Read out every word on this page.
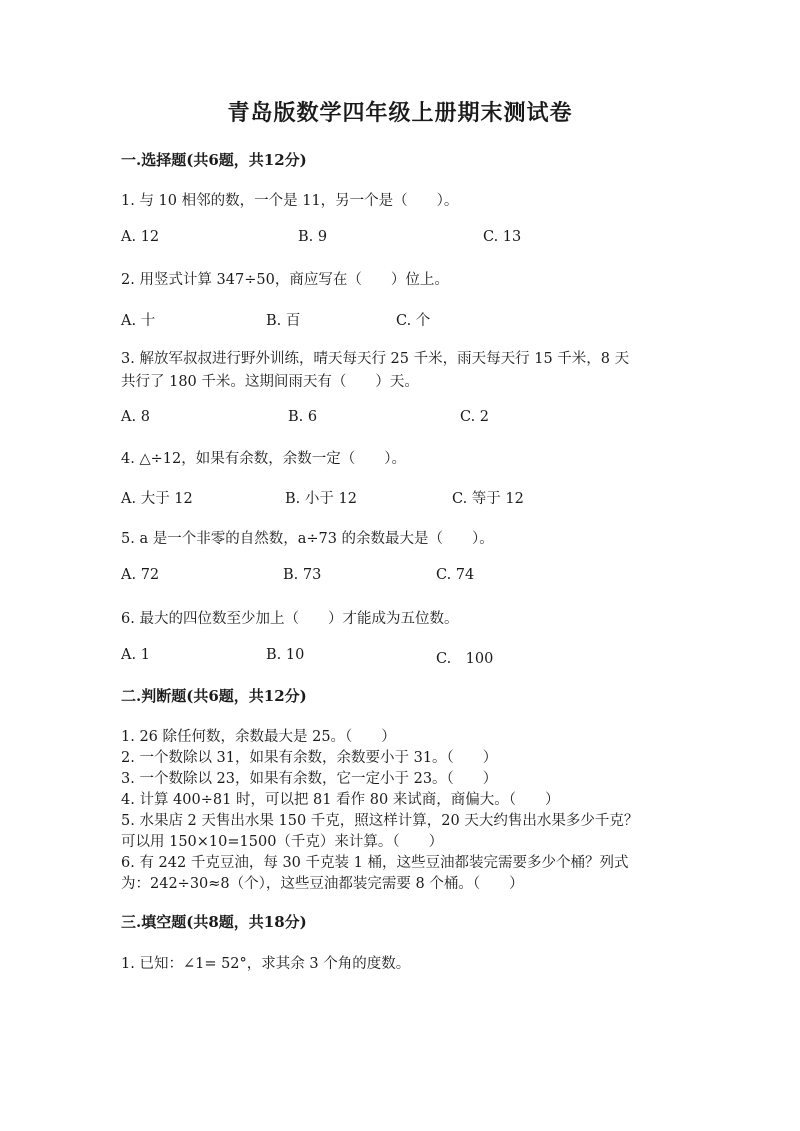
青岛版数学四年级上册期末测试卷
一.选择题(共6题，共12分)
1. 与 10 相邻的数，一个是 11，另一个是（　　）。
A. 12	B. 9	C. 13
2. 用竖式计算 347÷50，商应写在（　　）位上。
A. 十	B. 百	C. 个
3. 解放军叔叔进行野外训练，晴天每天行 25 千米，雨天每天行 15 千米，8 天
共行了 180 千米。这期间雨天有（　　）天。
A. 8	B. 6	C. 2
4. △÷12，如果有余数，余数一定（　　）。
A. 大于 12	B. 小于 12	C. 等于 12
5. a 是一个非零的自然数，a÷73 的余数最大是（　　）。
A. 72	B. 73	C. 74
6. 最大的四位数至少加上（　　）才能成为五位数。
A. 1	B. 10	C.　100
二.判断题(共6题，共12分)
1. 26 除任何数，余数最大是 25。（　　）
2. 一个数除以 31，如果有余数，余数要小于 31。（　　）
3. 一个数除以 23，如果有余数，它一定小于 23。（　　）
4. 计算 400÷81 时，可以把 81 看作 80 来试商，商偏大。（　　）
5. 水果店 2 天售出水果 150 千克，照这样计算，20 天大约售出水果多少千克？
可以用 150×10=1500（千克）来计算。（　　）
6. 有 242 千克豆油，每 30 千克装 1 桶，这些豆油都装完需要多少个桶？列式
为：242÷30≈8（个），这些豆油都装完需要 8 个桶。（　　）
三.填空题(共8题，共18分)
1. 已知：∠1= 52°，求其余 3 个角的度数。
